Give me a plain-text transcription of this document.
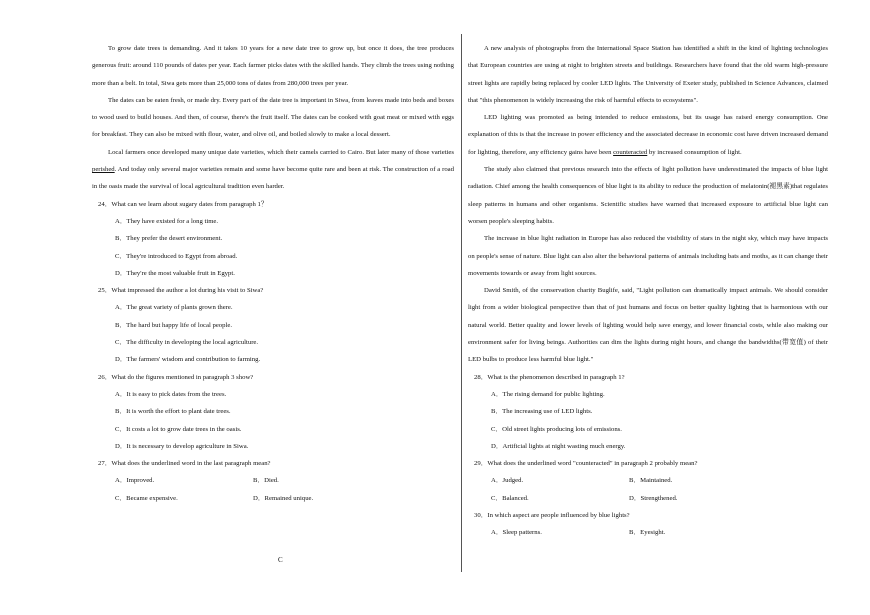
To grow date trees is demanding. And it takes 10 years for a new date tree to grow up, but once it does, the tree produces generous fruit: around 110 pounds of dates per year. Each farmer picks dates with the skilled hands. They climb the trees using nothing more than a belt. In total, Siwa gets more than 25,000 tons of dates from 280,000 trees per year.

The dates can be eaten fresh, or made dry. Every part of the date tree is important in Siwa, from leaves made into beds and boxes to wood used to build houses. And then, of course, there's the fruit itself. The dates can be cooked with goat meat or mixed with eggs for breakfast. They can also be mixed with flour, water, and olive oil, and boiled slowly to make a local dessert.

Local farmers once developed many unique date varieties, which their camels carried to Cairo. But later many of those varieties perished. And today only several major varieties remain and some have become quite rare and been at risk. The construction of a road in the oasis made the survival of local agricultural tradition even harder.

24．What can we learn about sugary dates from paragraph 1？

A．They have existed for a long time.

B．They prefer the desert environment.

C．They're introduced to Egypt from abroad.

D．They're the most valuable fruit in Egypt.

25．What impressed the author a lot during his visit to Siwa?

A．The great variety of plants grown there.

B．The hard but happy life of local people.

C．The difficulty in developing the local agriculture.

D．The farmers' wisdom and contribution to farming.

26．What do the figures mentioned in paragraph 3 show?

A．It is easy to pick dates from the trees.

B．It is worth the effort to plant date trees.

C．It costs a lot to grow date trees in the oasis.

D．It is necessary to develop agriculture in Siwa.

27．What does the underlined word in the last paragraph mean?

A．Improved.	B．Died.
C．Became expensive.	D．Remained unique.

A new analysis of photographs from the International Space Station has identified a shift in the kind of lighting technologies that European countries are using at night to brighten streets and buildings. Researchers have found that the old warm high-pressure street lights are rapidly being replaced by cooler LED lights. The University of Exeter study, published in Science Advances, claimed that "this phenomenon is widely increasing the risk of harmful effects to ecosystems".

LED lighting was promoted as being intended to reduce emissions, but its usage has raised energy consumption. One explanation of this is that the increase in power efficiency and the associated decrease in economic cost have driven increased demand for lighting, therefore, any efficiency gains have been counteracted by increased consumption of light.

The study also claimed that previous research into the effects of light pollution have underestimated the impacts of blue light radiation. Chief among the health consequences of blue light is its ability to reduce the production of melatonin(褪黑素)that regulates sleep patterns in humans and other organisms. Scientific studies have warned that increased exposure to artificial blue light can worsen people's sleeping habits.

The increase in blue light radiation in Europe has also reduced the visibility of stars in the night sky, which may have impacts on people's sense of nature. Blue light can also alter the behavioral patterns of animals including bats and moths, as it can change their movements towards or away from light sources.

David Smith, of the conservation charity Buglife, said, "Light pollution can dramatically impact animals. We should consider light from a wider biological perspective than that of just humans and focus on better quality lighting that is harmonious with our natural world. Better quality and lower levels of lighting would help save energy, and lower financial costs, while also making our environment safer for living beings. Authorities can dim the lights during night hours, and change the bandwidths(带宽值) of their LED bulbs to produce less harmful blue light."

28．What is the phenomenon described in paragraph 1?

A．The rising demand for public lighting.

B．The increasing use of LED lights.

C．Old street lights producing lots of emissions.

D．Artificial lights at night wasting much energy.

29．What does the underlined word "counteracted" in paragraph 2 probably mean?

A．Judged.	B．Maintained.
C．Balanced.	D．Strengthened.

30．In which aspect are people influenced by blue lights?

A．Sleep patterns.	B．Eyesight.
C
